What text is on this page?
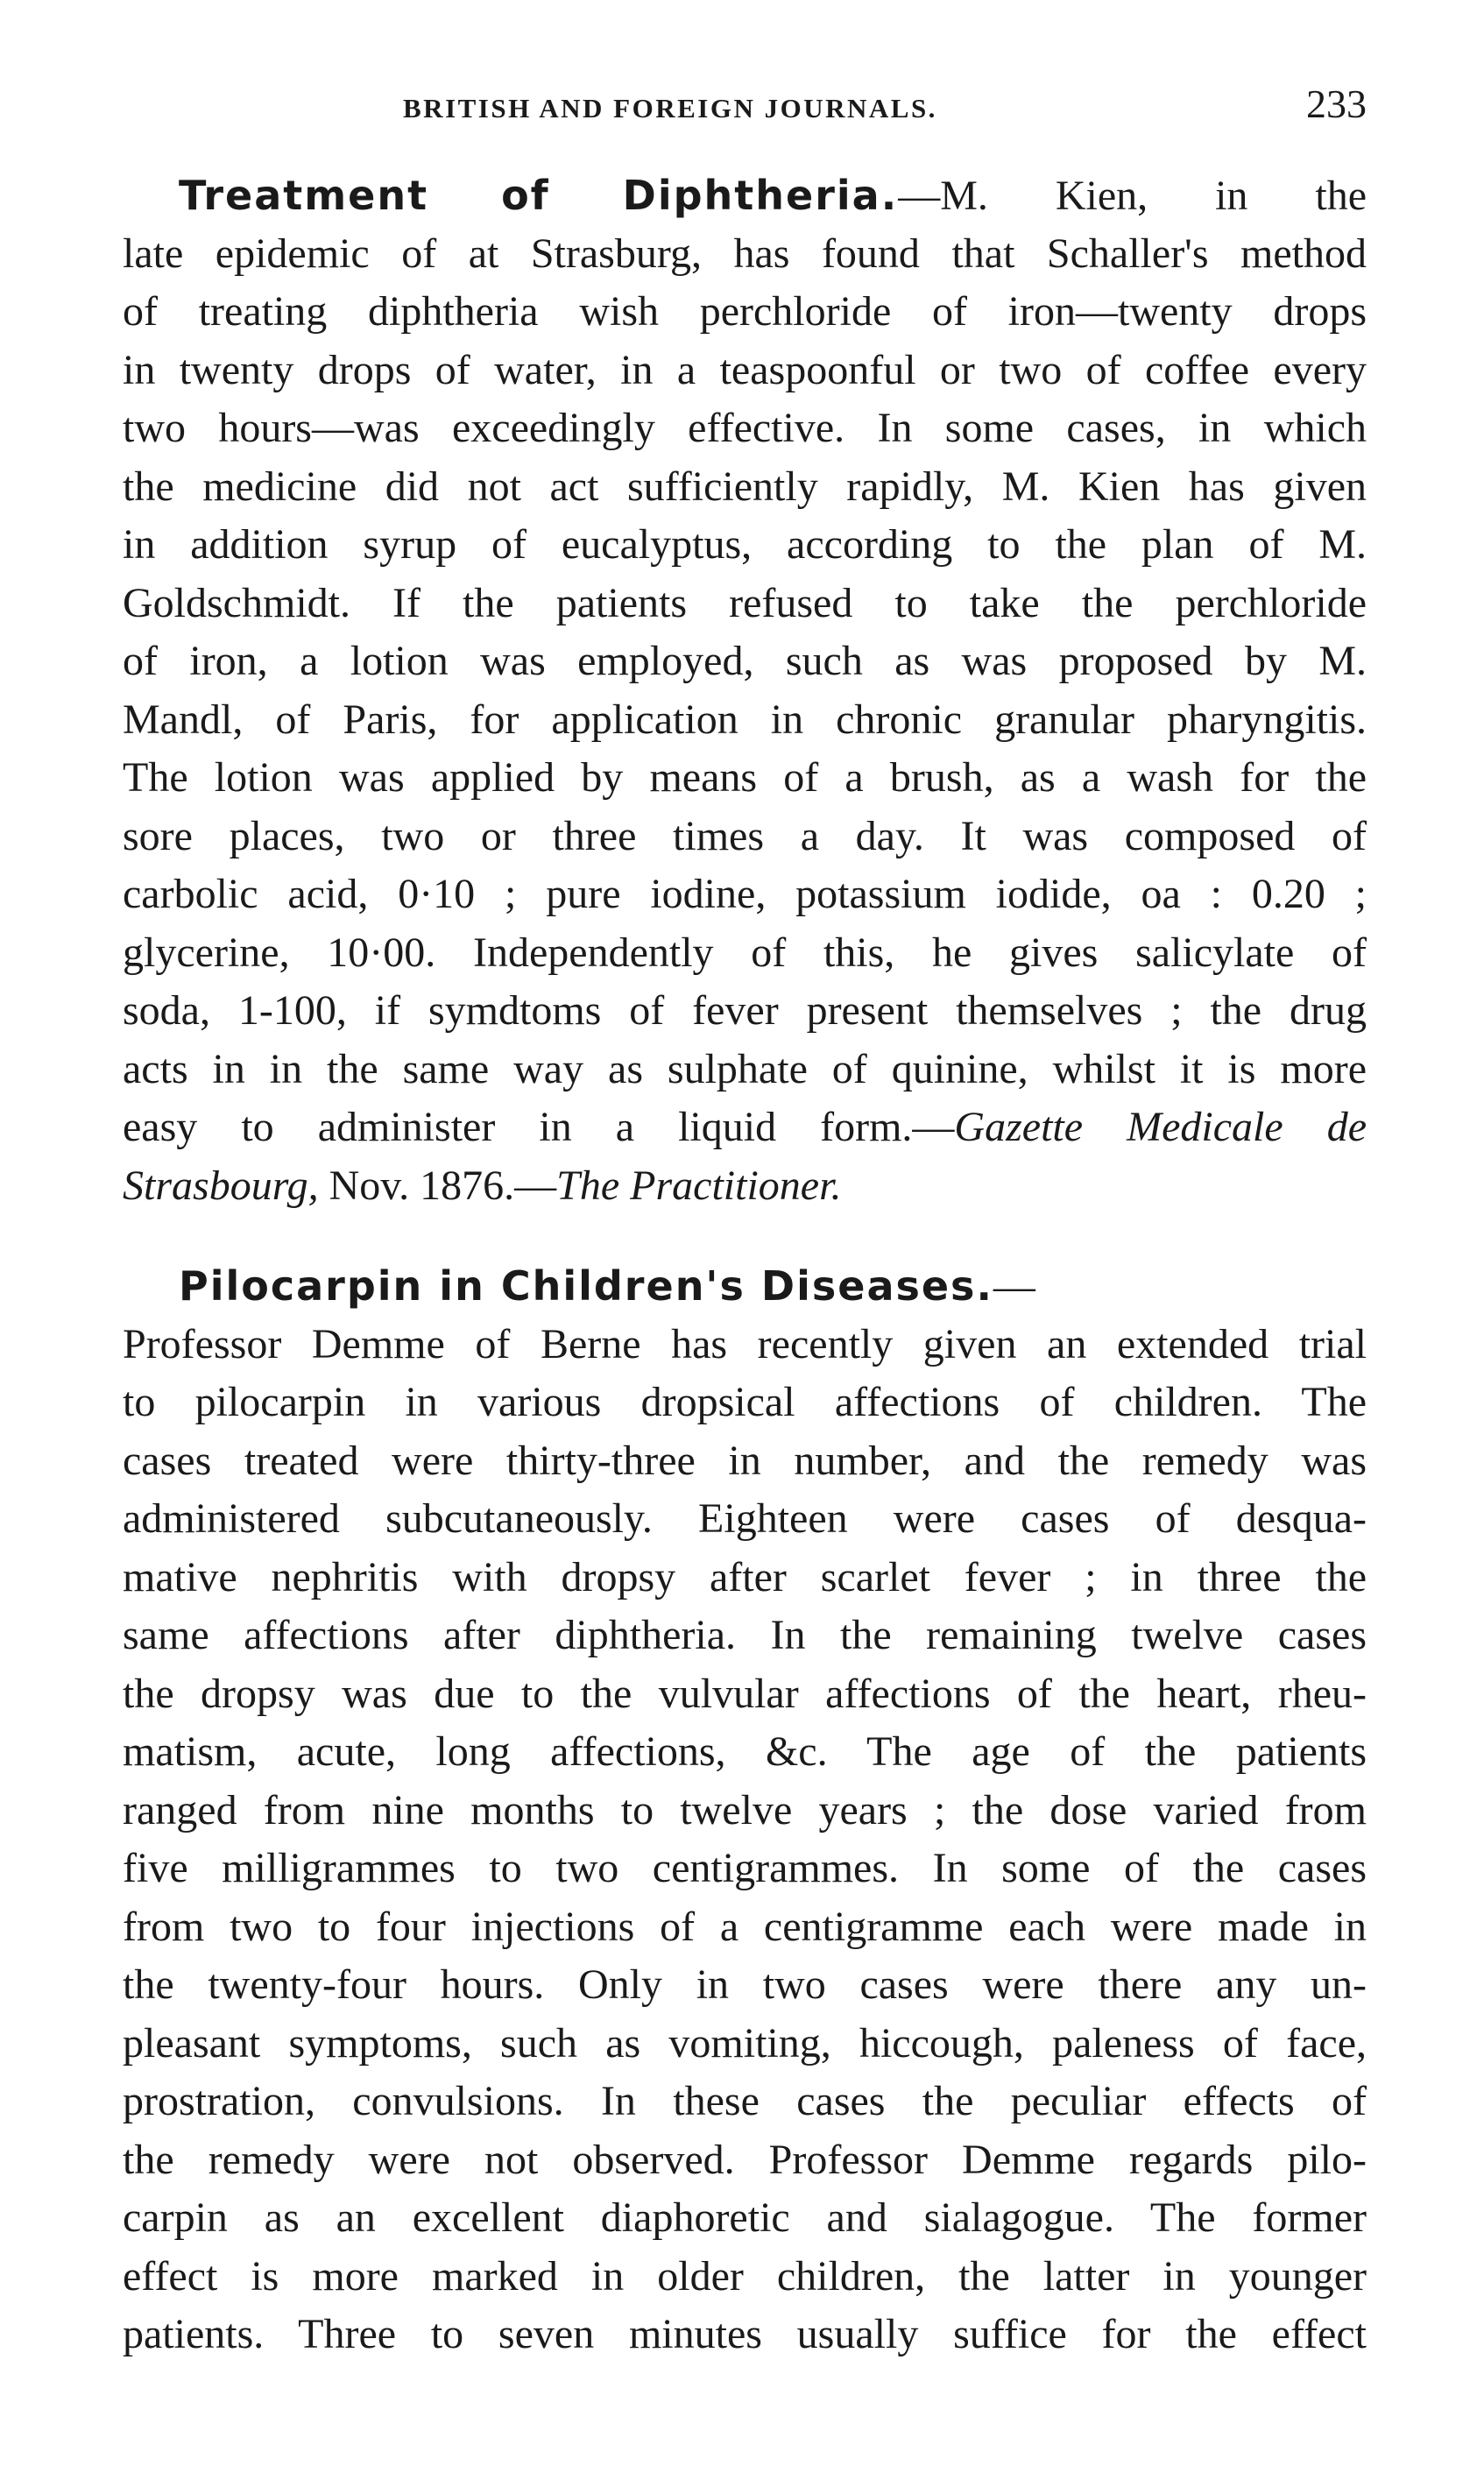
BRITISH AND FOREIGN JOURNALS.	233
Treatment of Diphtheria.—M. Kien, in the
late epidemic of at Strasburg, has found that Schaller's method
of treating diphtheria wish perchloride of iron—twenty drops
in twenty drops of water, in a teaspoonful or two of coffee every
two hours—was exceedingly effective. In some cases, in which
the medicine did not act sufficiently rapidly, M. Kien has given
in addition syrup of eucalyptus, according to the plan of M.
Goldschmidt. If the patients refused to take the perchloride
of iron, a lotion was employed, such as was proposed by M.
Mandl, of Paris, for application in chronic granular pharyngitis.
The lotion was applied by means of a brush, as a wash for the
sore places, two or three times a day. It was composed of
carbolic acid, 0·10 ; pure iodine, potassium iodide, oa : 0.20 ;
glycerine, 10·00. Independently of this, he gives salicylate of
soda, 1-100, if symdtoms of fever present themselves ; the drug
acts in in the same way as sulphate of quinine, whilst it is more
easy to administer in a liquid form.—Gazette Medicale de
Strasbourg, Nov. 1876.—The Practitioner.
Pilocarpin in Children's Diseases.—
Professor Demme of Berne has recently given an extended trial
to pilocarpin in various dropsical affections of children. The
cases treated were thirty-three in number, and the remedy was
administered subcutaneously. Eighteen were cases of desqua-
mative nephritis with dropsy after scarlet fever ; in three the
same affections after diphtheria. In the remaining twelve cases
the dropsy was due to the vulvular affections of the heart, rheu-
matism, acute, long affections, &c. The age of the patients
ranged from nine months to twelve years ; the dose varied from
five milligrammes to two centigrammes. In some of the cases
from two to four injections of a centigramme each were made in
the twenty-four hours. Only in two cases were there any un-
pleasant symptoms, such as vomiting, hiccough, paleness of face,
prostration, convulsions. In these cases the peculiar effects of
the remedy were not observed. Professor Demme regards pilo-
carpin as an excellent diaphoretic and sialagogue. The former
effect is more marked in older children, the latter in younger
patients. Three to seven minutes usually suffice for the effect
